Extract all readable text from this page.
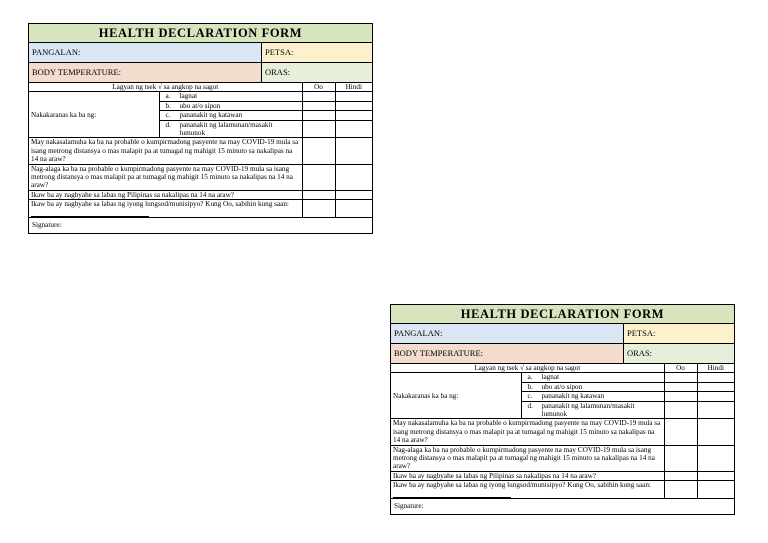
HEALTH DECLARATION FORM
PANGALAN:	PETSA:
BODY TEMPERATURE:	ORAS:
Lagyan ng tsek √ sa angkop na sagot		Oo	Hindi
Nakakaranas ka ba ng:	a. lagnat		

	b. ubo at/o sipon		

	c. pananakit ng katawan		

	d. pananakit ng lalamunan/masakit lumunok		

May nakasalamuha ka ba na probable o kumpirmadong pasyente na may COVID-19 mula sa isang metrong distansya o mas malapit pa at tumagal ng mahigit 15 minuto sa nakalipas na 14 na araw?			
Nag-alaga ka ba na probable o kumpirmadong pasyente na may COVID-19 mula sa isang metrong distansya o mas malapit pa at tumagal ng mahigit 15 minuto sa nakalipas na 14 na araw?			
Ikaw ba ay nagbyahe sa labas ng Pilipinas sa nakalipas na 14 na araw?			
Ikaw ba ay nagbyahe sa labas ng iyong lungsod/munisipyo? Kung Oo, sabihin kung saan:			
Signature:
HEALTH DECLARATION FORM
PANGALAN:	PETSA:
BODY TEMPERATURE:	ORAS:
Lagyan ng tsek √ sa angkop na sagot		Oo	Hindi
Nakakaranas ka ba ng:	a. lagnat		

	b. ubo at/o sipon		

	c. pananakit ng katawan		

	d. pananakit ng lalamunan/masakit lumunok		

May nakasalamuha ka ba na probable o kumpirmadong pasyente na may COVID-19 mula sa isang metrong distansya o mas malapit pa at tumagal ng mahigit 15 minuto sa nakalipas na 14 na araw?			
Nag-alaga ka ba na probable o kumpirmadong pasyente na may COVID-19 mula sa isang metrong distansya o mas malapit pa at tumagal ng mahigit 15 minuto sa nakalipas na 14 na araw?			
Ikaw ba ay nagbyahe sa labas ng Pilipinas sa nakalipas na 14 na araw?			
Ikaw ba ay nagbyahe sa labas ng iyong lungsod/munisipyo? Kung Oo, sabihin kung saan:			
Signature:
